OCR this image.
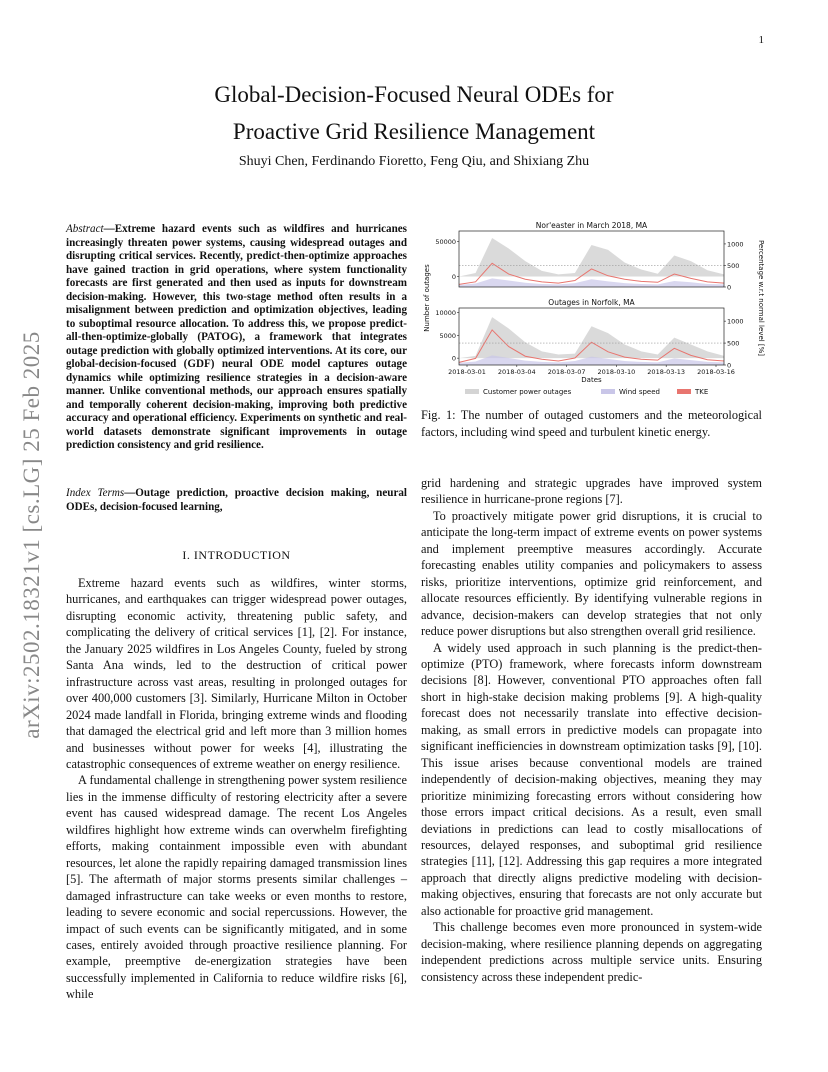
1
arXiv:2502.18321v1 [cs.LG] 25 Feb 2025
Global-Decision-Focused Neural ODEs for
Proactive Grid Resilience Management
Shuyi Chen, Ferdinando Fioretto, Feng Qiu, and Shixiang Zhu
Abstract—Extreme hazard events such as wildfires and hurricanes increasingly threaten power systems, causing widespread outages and disrupting critical services. Recently, predict-then-optimize approaches have gained traction in grid operations, where system functionality forecasts are first generated and then used as inputs for downstream decision-making. However, this two-stage method often results in a misalignment between prediction and optimization objectives, leading to suboptimal resource allocation. To address this, we propose predict-all-then-optimize-globally (PATOG), a framework that integrates outage prediction with globally optimized interventions. At its core, our global-decision-focused (GDF) neural ODE model captures outage dynamics while optimizing resilience strategies in a decision-aware manner. Unlike conventional methods, our approach ensures spatially and temporally coherent decision-making, improving both predictive accuracy and operational efficiency. Experiments on synthetic and real-world datasets demonstrate significant improvements in outage prediction consistency and grid resilience.
Index Terms—Outage prediction, proactive decision making, neural ODEs, decision-focused learning,
I. INTRODUCTION

Extreme hazard events such as wildfires, winter storms, hurricanes, and earthquakes can trigger widespread power outages, disrupting economic activity, threatening public safety, and complicating the delivery of critical services [1], [2]. For instance, the January 2025 wildfires in Los Angeles County, fueled by strong Santa Ana winds, led to the destruction of critical power infrastructure across vast areas, resulting in prolonged outages for over 400,000 customers [3]. Similarly, Hurricane Milton in October 2024 made landfall in Florida, bringing extreme winds and flooding that damaged the electrical grid and left more than 3 million homes and businesses without power for weeks [4], illustrating the catastrophic consequences of extreme weather on energy resilience.

A fundamental challenge in strengthening power system resilience lies in the immense difficulty of restoring electricity after a severe event has caused widespread damage. The recent Los Angeles wildfires highlight how extreme winds can overwhelm firefighting efforts, making containment impossible even with abundant resources, let alone the rapidly repairing damaged transmission lines [5]. The aftermath of major storms presents similar challenges – damaged infrastructure can take weeks or even months to restore, leading to severe economic and social repercussions. However, the impact of such events can be significantly mitigated, and in some cases, entirely avoided through proactive resilience planning. For example, preemptive de-energization strategies have been successfully implemented in California to reduce wildfire risks [6], while

Nor'easter in March 2018, MA
0
50000
0
500
1000
Outages in Norfolk, MA
0
5000
10000
0
500
1000
2018-03-01 2018-03-04 2018-03-07 2018-03-10 2018-03-13 2018-03-16
Dates
Number of outages	Percentage w.r.t normal level [%]
Customer power outages	Wind speed	TKE
Fig. 1: The number of outaged customers and the meteorological factors, including wind speed and turbulent kinetic energy.

grid hardening and strategic upgrades have improved system resilience in hurricane-prone regions [7].

To proactively mitigate power grid disruptions, it is crucial to anticipate the long-term impact of extreme events on power systems and implement preemptive measures accordingly. Accurate forecasting enables utility companies and policymakers to assess risks, prioritize interventions, optimize grid reinforcement, and allocate resources efficiently. By identifying vulnerable regions in advance, decision-makers can develop strategies that not only reduce power disruptions but also strengthen overall grid resilience.

A widely used approach in such planning is the predict-then-optimize (PTO) framework, where forecasts inform downstream decisions [8]. However, conventional PTO approaches often fall short in high-stake decision making problems [9]. A high-quality forecast does not necessarily translate into effective decision-making, as small errors in predictive models can propagate into significant inefficiencies in downstream optimization tasks [9], [10]. This issue arises because conventional models are trained independently of decision-making objectives, meaning they may prioritize minimizing forecasting errors without considering how those errors impact critical decisions. As a result, even small deviations in predictions can lead to costly misallocations of resources, delayed responses, and suboptimal grid resilience strategies [11], [12]. Addressing this gap requires a more integrated approach that directly aligns predictive modeling with decision-making objectives, ensuring that forecasts are not only accurate but also actionable for proactive grid management.

This challenge becomes even more pronounced in system-wide decision-making, where resilience planning depends on aggregating independent predictions across multiple service units. Ensuring consistency across these independent predic-
